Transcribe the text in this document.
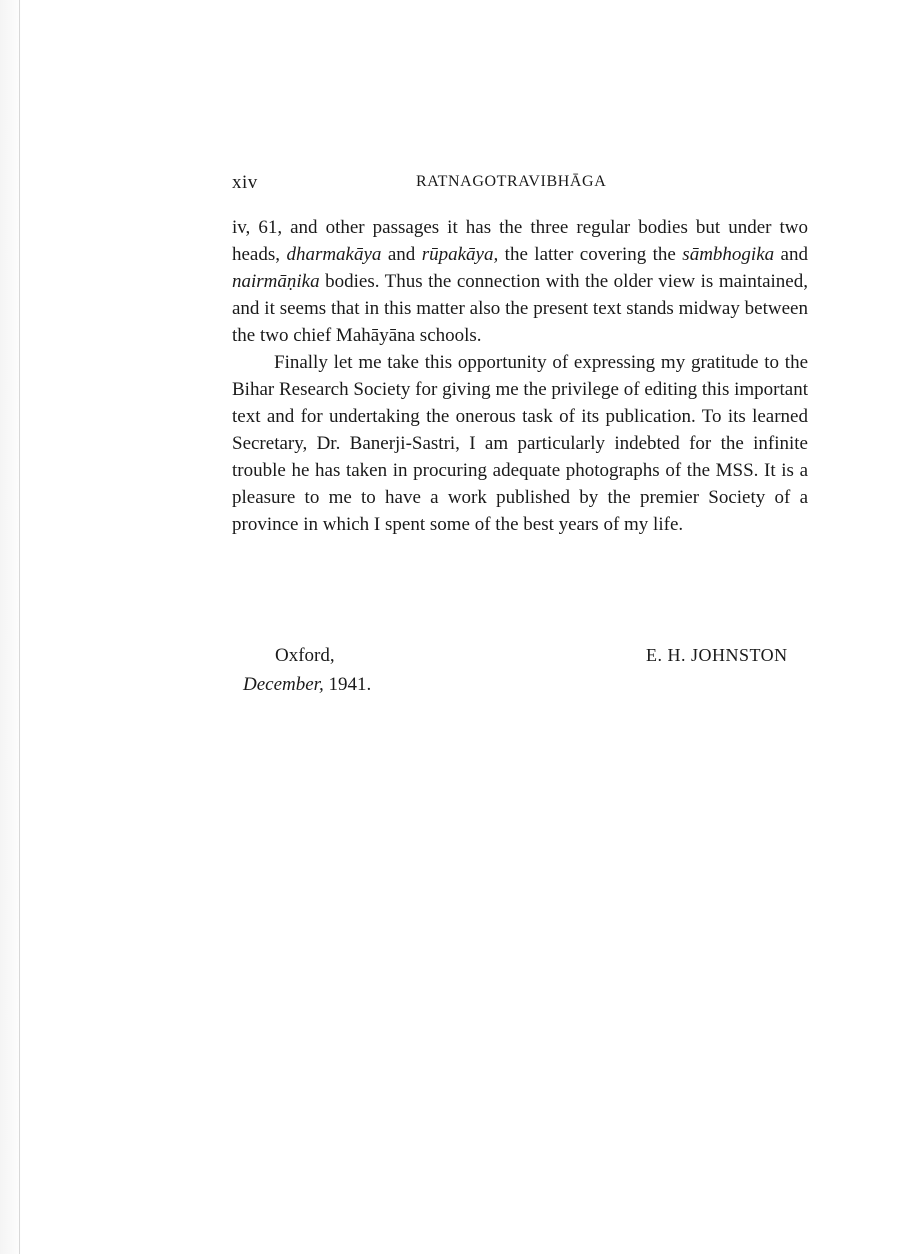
xiv	RATNAGOTRAVIBHĀGA

iv, 61, and other passages it has the three regular bodies but under two heads, dharmakāya and rūpakāya, the latter covering the sāmbhogika and nairmāṇika bodies. Thus the connection with the older view is maintained, and it seems that in this matter also the present text stands midway between the two chief Mahāyāna schools.

Finally let me take this opportunity of expressing my gratitude to the Bihar Research Society for giving me the privilege of editing this important text and for undertaking the onerous task of its publication. To its learned Secretary, Dr. Banerji-Sastri, I am particularly indebted for the infinite trouble he has taken in procuring adequate photographs of the MSS. It is a pleasure to me to have a work published by the premier Society of a province in which I spent some of the best years of my life.

Oxford,
December, 1941.
E. H. JOHNSTON
